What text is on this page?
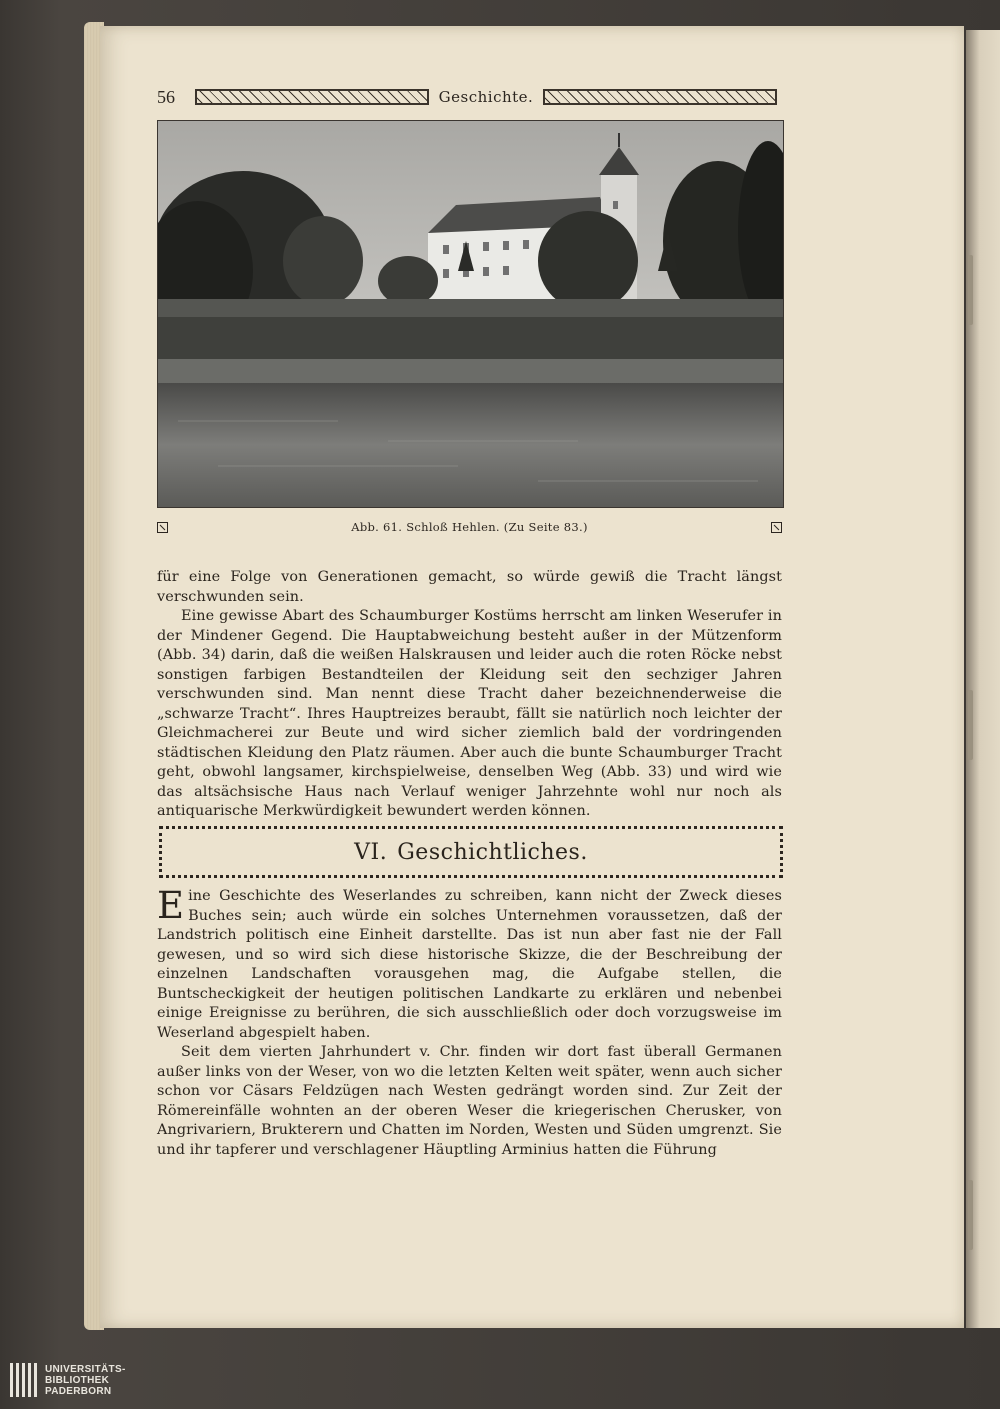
56	Geschichte.
Abb. 61. Schloß Hehlen. (Zu Seite 83.)

für eine Folge von Generationen gemacht, so würde gewiß die Tracht längst verschwunden sein.

Eine gewisse Abart des Schaumburger Kostüms herrscht am linken Weserufer in der Mindener Gegend. Die Hauptabweichung besteht außer in der Mützenform (Abb. 34) darin, daß die weißen Halskrausen und leider auch die roten Röcke nebst sonstigen farbigen Bestandteilen der Kleidung seit den sechziger Jahren verschwunden sind. Man nennt diese Tracht daher bezeichnenderweise die „schwarze Tracht“. Ihres Hauptreizes beraubt, fällt sie natürlich noch leichter der Gleichmacherei zur Beute und wird sicher ziemlich bald der vordringenden städtischen Kleidung den Platz räumen. Aber auch die bunte Schaumburger Tracht geht, obwohl langsamer, kirchspielweise, denselben Weg (Abb. 33) und wird wie das altsächsische Haus nach Verlauf weniger Jahrzehnte wohl nur noch als antiquarische Merkwürdigkeit bewundert werden können.

VI. Geschichtliches.

Eine Geschichte des Weserlandes zu schreiben, kann nicht der Zweck dieses Buches sein; auch würde ein solches Unternehmen voraussetzen, daß der Landstrich politisch eine Einheit darstellte. Das ist nun aber fast nie der Fall gewesen, und so wird sich diese historische Skizze, die der Beschreibung der einzelnen Landschaften vorausgehen mag, die Aufgabe stellen, die Buntscheckigkeit der heutigen politischen Landkarte zu erklären und nebenbei einige Ereignisse zu berühren, die sich ausschließlich oder doch vorzugsweise im Weserland abgespielt haben.

Seit dem vierten Jahrhundert v. Chr. finden wir dort fast überall Germanen außer links von der Weser, von wo die letzten Kelten weit später, wenn auch sicher schon vor Cäsars Feldzügen nach Westen gedrängt worden sind. Zur Zeit der Römereinfälle wohnten an der oberen Weser die kriegerischen Cherusker, von Angrivariern, Brukterern und Chatten im Norden, Westen und Süden umgrenzt. Sie und ihr tapferer und verschlagener Häuptling Arminius hatten die Führung

UNIVERSITÄTS-
BIBLIOTHEK
PADERBORN
